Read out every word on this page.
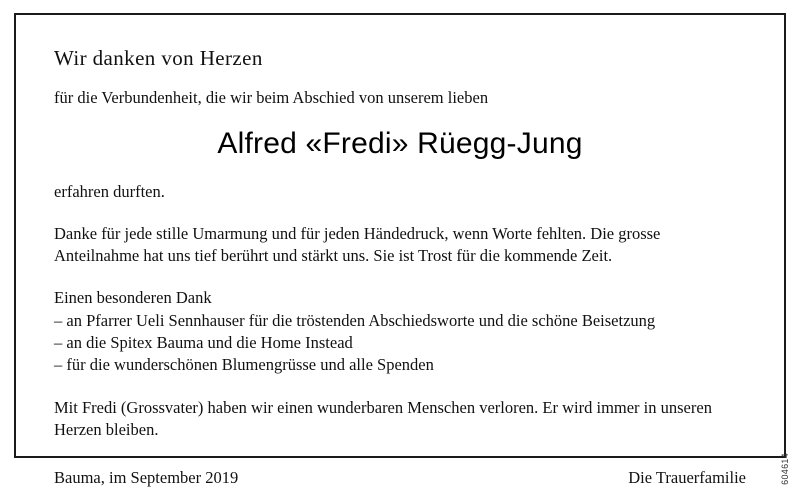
Wir danken von Herzen
für die Verbundenheit, die wir beim Abschied von unserem lieben
Alfred «Fredi» Rüegg-Jung
erfahren durften.
Danke für jede stille Umarmung und für jeden Händedruck, wenn Worte fehlten. Die grosse Anteilnahme hat uns tief berührt und stärkt uns. Sie ist Trost für die kommende Zeit.
Einen besonderen Dank
– an Pfarrer Ueli Sennhauser für die tröstenden Abschiedsworte und die schöne Beisetzung
– an die Spitex Bauma und die Home Instead
– für die wunderschönen Blumengrüsse und alle Spenden
Mit Fredi (Grossvater) haben wir einen wunderbaren Menschen verloren. Er wird immer in unseren Herzen bleiben.
Bauma, im September 2019	Die Trauerfamilie	604614
